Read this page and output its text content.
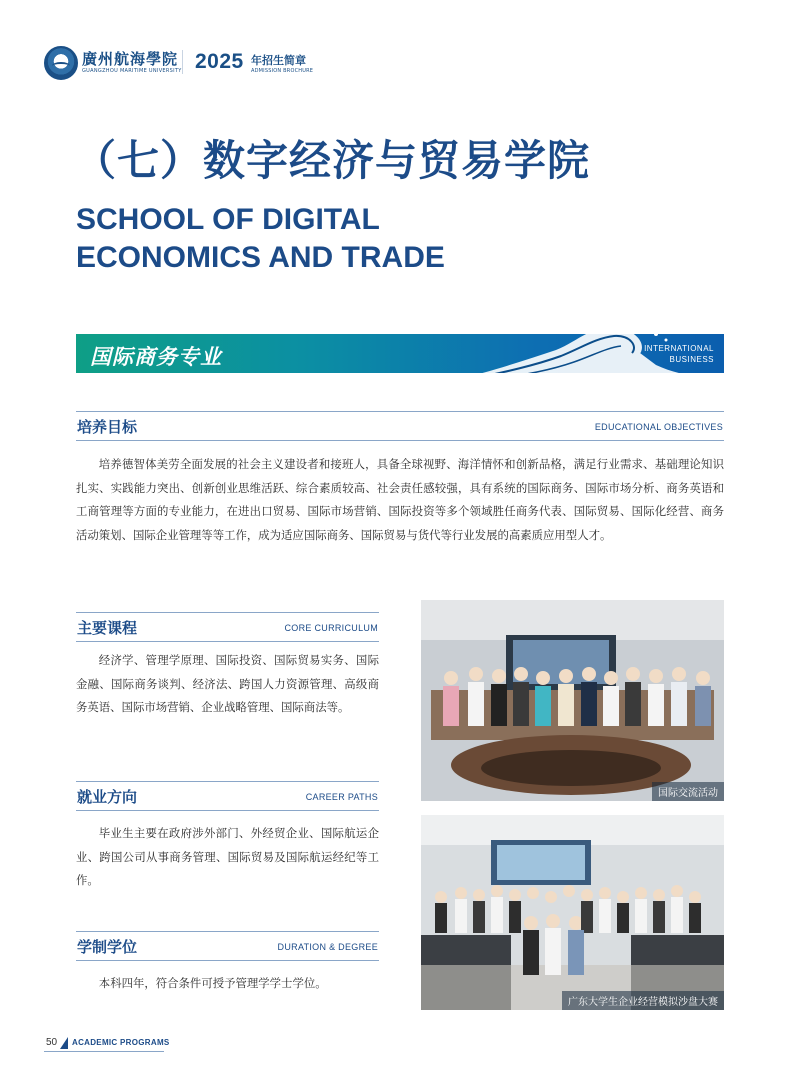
廣州航海學院
GUANGZHOU MARITIME UNIVERSITY 2025 年招生简章
ADMISSION BROCHURE
（七）数字经济与贸易学院
SCHOOL OF DIGITAL
ECONOMICS AND TRADE
国际商务专业	INTERNATIONAL
BUSINESS
培养目标	EDUCATIONAL OBJECTIVES

培养德智体美劳全面发展的社会主义建设者和接班人，具备全球视野、海洋情怀和创新品格，满足行业需求、基础理论知识扎实、实践能力突出、创新创业思维活跃、综合素质较高、社会责任感较强，具有系统的国际商务、国际市场分析、商务英语和工商管理等方面的专业能力，在进出口贸易、国际市场营销、国际投资等多个领域胜任商务代表、国际贸易、国际化经营、商务活动策划、国际企业管理等等工作，成为适应国际商务、国际贸易与货代等行业发展的高素质应用型人才。

主要课程	CORE CURRICULUM

经济学、管理学原理、国际投资、国际贸易实务、国际金融、国际商务谈判、经济法、跨国人力资源管理、高级商务英语、国际市场营销、企业战略管理、国际商法等。

就业方向	CAREER PATHS

毕业生主要在政府涉外部门、外经贸企业、国际航运企业、跨国公司从事商务管理、国际贸易及国际航运经纪等工作。

学制学位	DURATION & DEGREE

本科四年，符合条件可授予管理学学士学位。

国际交流活动
广东大学生企业经营模拟沙盘大赛
50 ACADEMIC PROGRAMS
